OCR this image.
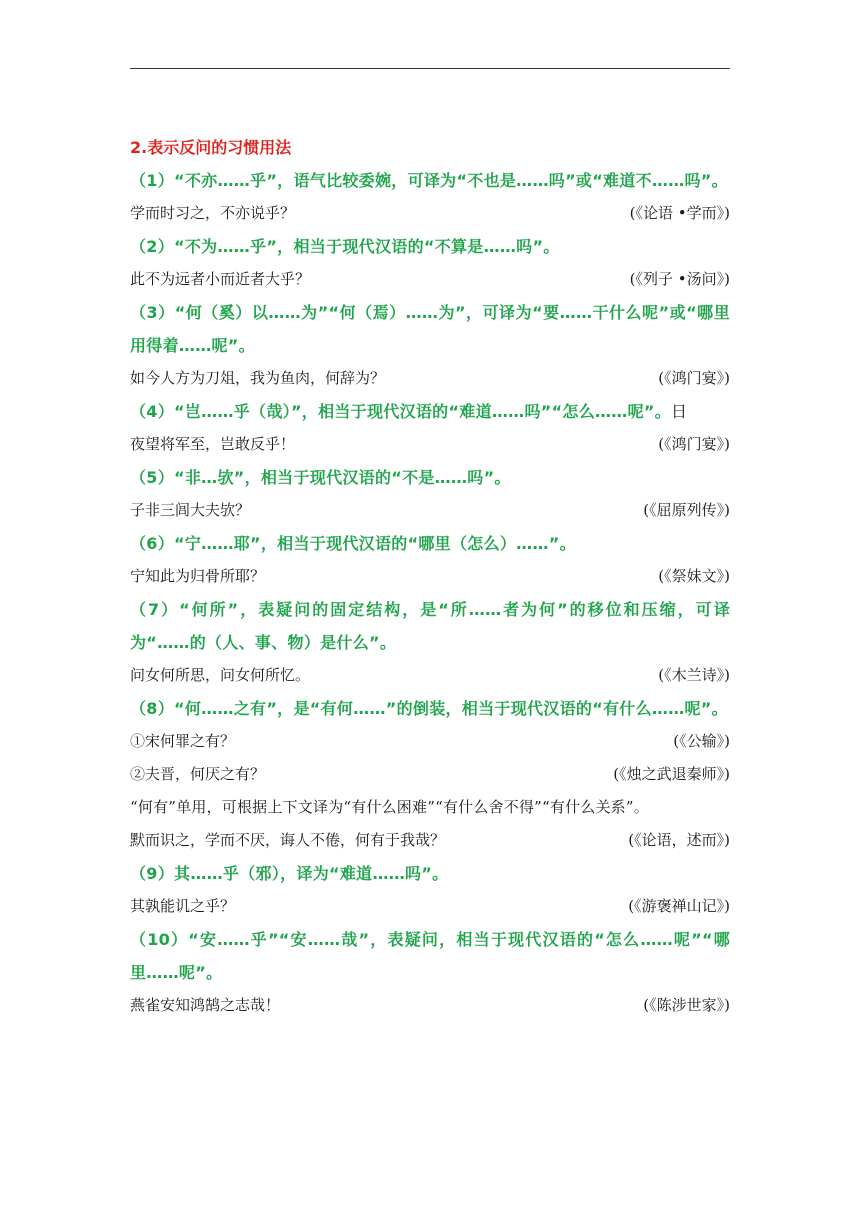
2.表示反问的习惯用法
（1）“不亦……乎”，语气比较委婉，可译为“不也是……吗”或“难道不……吗”。
学而时习之，不亦说乎？	(《论语 •学而》)
（2）“不为……乎”，相当于现代汉语的“不算是……吗”。
此不为远者小而近者大乎？	(《列子 •汤问》)
（3）“何（奚）以……为”“何（焉）……为”，可译为“要……干什么呢”或“哪里用得着……呢”。
如今人方为刀俎，我为鱼肉，何辞为？	(《鸿门宴》)
（4）“岂……乎（哉）”，相当于现代汉语的“难道……吗”“怎么……呢”。日
夜望将军至，岂敢反乎！	(《鸿门宴》)
（5）“非…欤”，相当于现代汉语的“不是……吗”。
子非三闾大夫欤？	(《屈原列传》)
（6）“宁……耶”，相当于现代汉语的“哪里（怎么）……”。
宁知此为归骨所耶？	(《祭妹文》)
（7）“何所”，表疑问的固定结构，是“所……者为何”的移位和压缩，可译为“……的（人、事、物）是什么”。
问女何所思，问女何所忆。	(《木兰诗》)
（8）“何……之有”，是“有何……”的倒装，相当于现代汉语的“有什么……呢”。
①宋何罪之有？	(《公输》)
②夫晋，何厌之有？	(《烛之武退秦师》)
“何有”单用，可根据上下文译为“有什么困难”“有什么舍不得”“有什么关系”。
默而识之，学而不厌，诲人不倦，何有于我哉？	(《论语，述而》)
（9）其……乎（邪），译为“难道……吗”。
其孰能讥之乎？	(《游褒禅山记》)
（10）“安……乎”“安……哉”，表疑问，相当于现代汉语的“怎么……呢”“哪里……呢”。
燕雀安知鸿鹄之志哉！	(《陈涉世家》)
